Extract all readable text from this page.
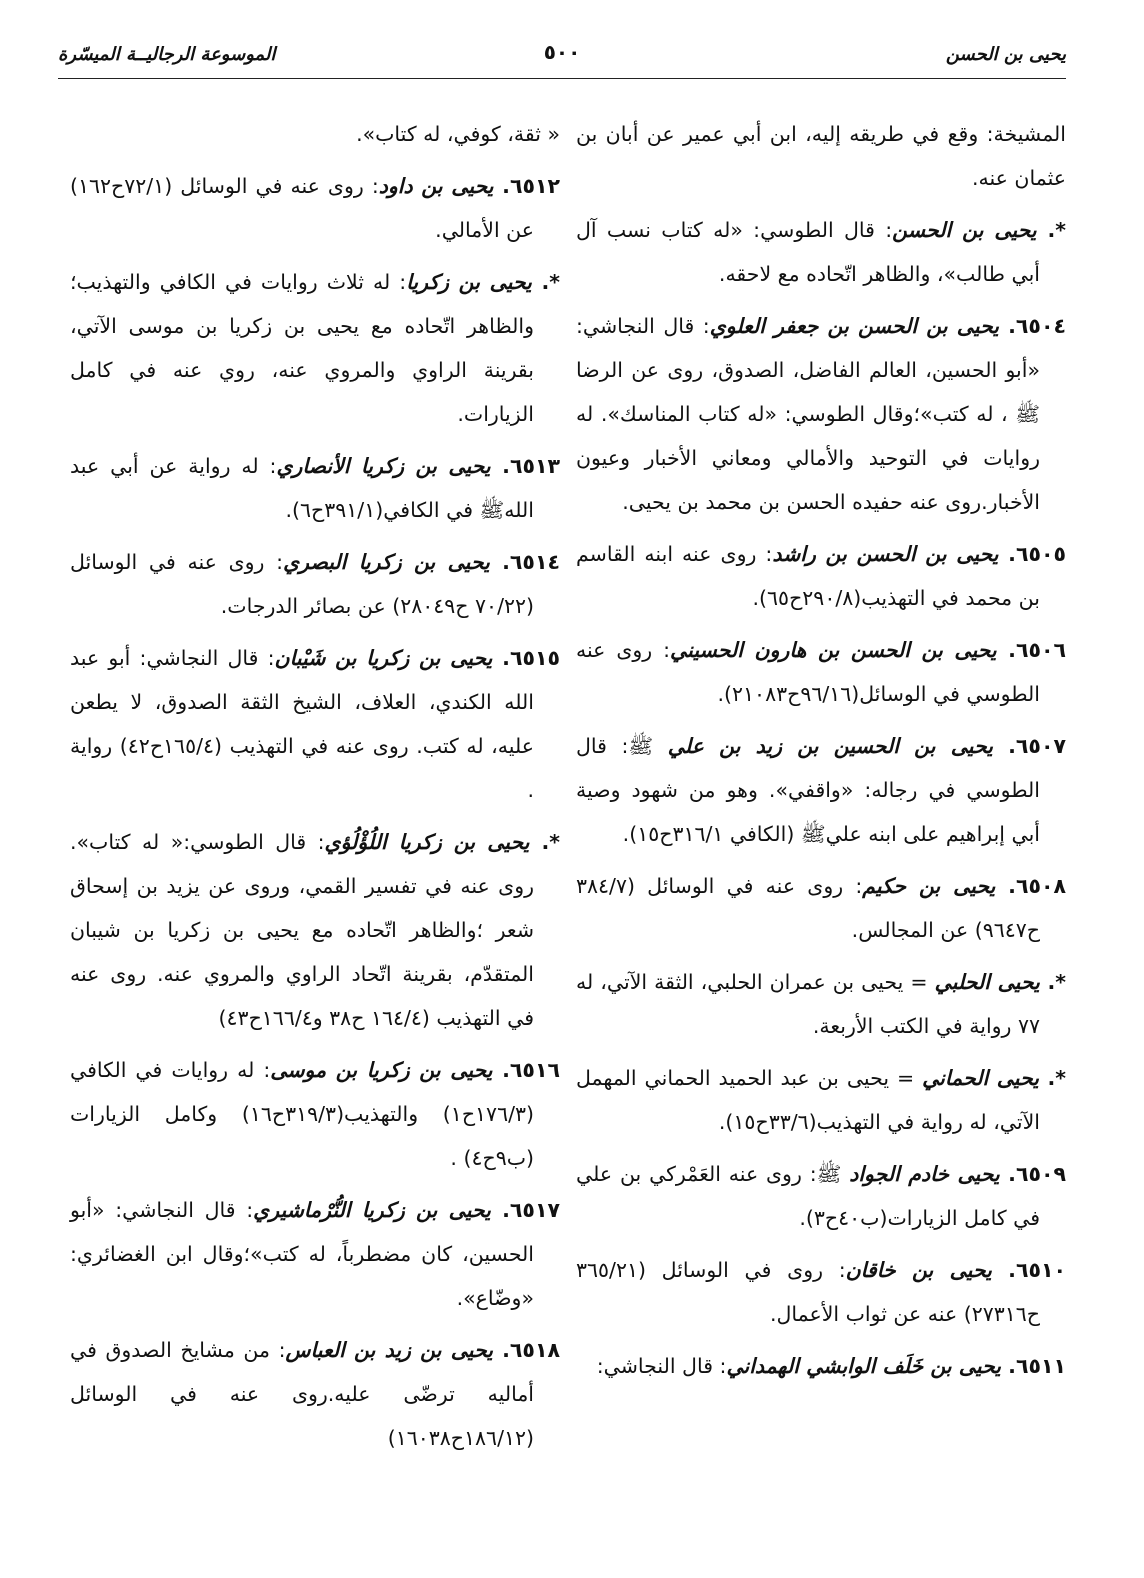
يحيى بن الحسن
٥٠٠
الموسوعة الرجاليــة الميسّرة

المشيخة: وقع في طريقه إليه، ابن أبي عمير عن أبان بن عثمان عنه.

*. يحيى بن الحسن: قال الطوسي: «له كتاب نسب آل أبي طالب»، والظاهر اتّحاده مع لاحقه.

٦٥٠٤. يحيى بن الحسن بن جعفر العلوي: قال النجاشي: «أبو الحسين، العالم الفاضل، الصدوق، روى عن الرضا ﷺ ، له كتب»؛وقال الطوسي: «له كتاب المناسك». له روايات في التوحيد والأمالي ومعاني الأخبار وعيون الأخبار.روى عنه حفيده الحسن بن محمد بن يحيى.

٦٥٠٥. يحيى بن الحسن بن راشد: روى عنه ابنه القاسم بن محمد في التهذيب(٢٩٠/٨ح٦٥).

٦٥٠٦. يحيى بن الحسن بن هارون الحسيني: روى عنه الطوسي في الوسائل(٩٦/١٦ح٢١٠٨٣).

٦٥٠٧. يحيى بن الحسين بن زيد بن علي ﷺ: قال الطوسي في رجاله: «واقفي». وهو من شهود وصية أبي إبراهيم على ابنه عليﷺ (الكافي ٣١٦/١ح١٥).

٦٥٠٨. يحيى بن حكيم: روى عنه في الوسائل (٣٨٤/٧ ح٩٦٤٧) عن المجالس.

*. يحيى الحلبي = يحيى بن عمران الحلبي، الثقة الآتي، له ٧٧ رواية في الكتب الأربعة.

*. يحيى الحماني = يحيى بن عبد الحميد الحماني المهمل الآتي، له رواية في التهذيب(٣٣/٦ح١٥).

٦٥٠٩. يحيى خادم الجواد ﷺ: روى عنه العَمْركي بن علي في كامل الزيارات(ب٤٠ح٣).

٦٥١٠. يحيى بن خاقان: روى في الوسائل (٣٦٥/٢١ ح٢٧٣١٦) عنه عن ثواب الأعمال.

٦٥١١. يحيى بن خَلَف الوابشي الهمداني: قال النجاشي:

« ثقة، كوفي، له كتاب».

٦٥١٢. يحيى بن داود: روى عنه في الوسائل (٧٢/١ح١٦٢) عن الأمالي.

*. يحيى بن زكريا: له ثلاث روايات في الكافي والتهذيب؛والظاهر اتّحاده مع يحيى بن زكريا بن موسى الآتي، بقرينة الراوي والمروي عنه، روي عنه في كامل الزيارات.

٦٥١٣. يحيى بن زكريا الأنصاري: له رواية عن أبي عبد اللهﷺ في الكافي(٣٩١/١ح٦).

٦٥١٤. يحيى بن زكريا البصري: روى عنه في الوسائل (٧٠/٢٢ ح٢٨٠٤٩) عن بصائر الدرجات.

٦٥١٥. يحيى بن زكريا بن شَيْبان: قال النجاشي: أبو عبد الله الكندي، العلاف، الشيخ الثقة الصدوق، لا يطعن عليه، له كتب. روى عنه في التهذيب (١٦٥/٤ح٤٢) رواية .

*. يحيى بن زكريا اللُؤْلُؤي: قال الطوسي:« له كتاب». روى عنه في تفسير القمي، وروى عن يزيد بن إسحاق شعر ؛والظاهر اتّحاده مع يحيى بن زكريا بن شيبان المتقدّم، بقرينة اتّحاد الراوي والمروي عنه. روى عنه في التهذيب (١٦٤/٤ ح٣٨ و١٦٦/٤ح٤٣)

٦٥١٦. يحيى بن زكريا بن موسى: له روايات في الكافي (١٧٦/٣ح١) والتهذيب(٣١٩/٣ح١٦) وكامل الزيارات (ب٩ح٤) .

٦٥١٧. يحيى بن زكريا النُّرْماشيري: قال النجاشي: «أبو الحسين، كان مضطرباً، له كتب»؛وقال ابن الغضائري: «وضّاع».

٦٥١٨. يحيى بن زيد بن العباس: من مشايخ الصدوق في أماليه ترضّى عليه.روى عنه في الوسائل (١٨٦/١٢ح١٦٠٣٨)
